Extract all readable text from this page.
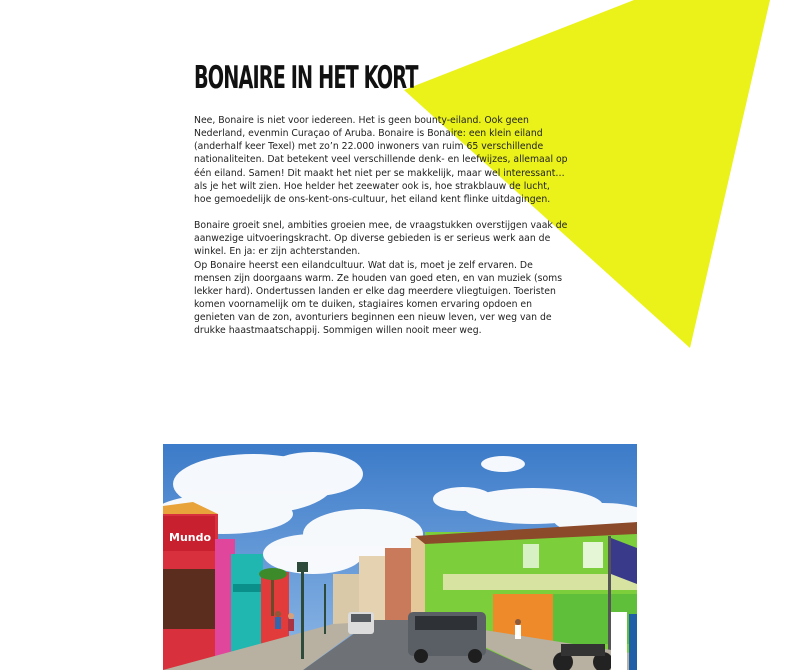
BONAIRE IN HET KORT

Nee, Bonaire is niet voor iedereen. Het is geen bounty-eiland. Ook geen Nederland, evenmin Curaçao of Aruba. Bonaire is Bonaire: een klein eiland (anderhalf keer Texel) met zo’n 22.000 inwoners van ruim 65 verschillende nationaliteiten. Dat betekent veel verschillende denk- en leefwijzes, allemaal op één eiland. Samen! Dit maakt het niet per se makkelijk, maar wel interessant… als je het wilt zien. Hoe helder het zeewater ook is, hoe strakblauw de lucht, hoe gemoedelijk de ons-kent-ons-cultuur, het eiland kent flinke uitdagingen.

Bonaire groeit snel, ambities groeien mee, de vraagstukken overstijgen vaak de aanwezige uitvoeringskracht. Op diverse gebieden is er serieus werk aan de winkel. En ja: er zijn achterstanden.

Op Bonaire heerst een eilandcultuur. Wat dat is, moet je zelf ervaren. De mensen zijn doorgaans warm. Ze houden van goed eten, en van muziek (soms lekker hard). Ondertussen landen er elke dag meerdere vliegtuigen. Toeristen komen voornamelijk om te duiken, stagiaires komen ervaring opdoen en genieten van de zon, avonturiers beginnen een nieuw leven, ver weg van de drukke haastmaatschappij. Sommigen willen nooit meer weg.

Mundo
